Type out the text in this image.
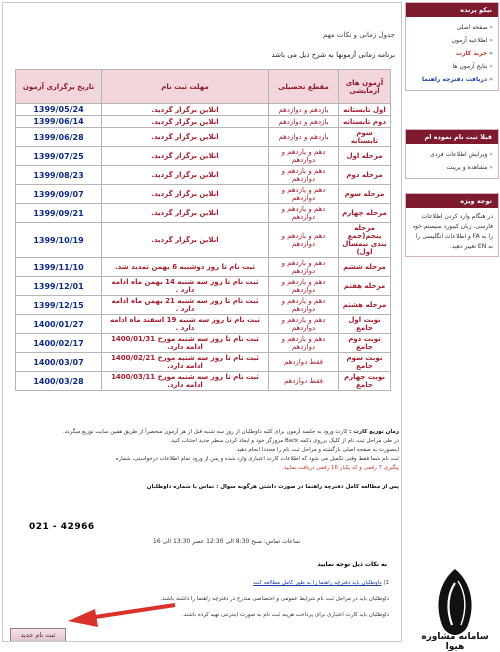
جدول زمانی و نکات مهم
برنامه زمانی آزمونها به شرح ذیل می باشد
آزمون های آزمایشی	مقطع تحصیلی	مهلت ثبت نام	تاریخ برگزاری آزمون
اول تابستانه	یازدهم و دوازدهم	انلاین برگزار گردید.	1399/05/24
دوم تابستانه	یازدهم و دوازدهم	انلاین برگزار گردید.	1399/06/14
سوم تابستانه	یازدهم و دوازدهم	انلاین برگزار گردید.	1399/06/28
مرحله اول	دهم و یازدهم و دوازدهم	انلاین برگزار گردید.	1399/07/25
مرحله دوم	دهم و یازدهم و دوازدهم	انلاین برگزار گردید.	1399/08/23
مرحله سوم	دهم و یازدهم و دوازدهم	انلاین برگزار گردید.	1399/09/07
مرحله چهارم	دهم و یازدهم و دوازدهم	انلاین برگزار گردید.	1399/09/21
مرحله پنجم(جمع بندی نیمسال اول)	دهم و یازدهم و دوازدهم	انلاین برگزار گردید.	1399/10/19
مرحله ششم	دهم و یازدهم و دوازدهم	ثبت نام تا روز دوشنبه 6 بهمن تمدید شد.	1399/11/10
مرحله هفتم	دهم و یازدهم و دوازدهم	ثبت نام تا روز سه شنبه 14 بهمن ماه ادامه دارد .	1399/12/01
مرحله هشتم	دهم و یازدهم و دوازدهم	ثبت نام تا روز سه شنبه 21 بهمن ماه ادامه دارد .	1399/12/15
نوبت اول جامع	دهم و یازدهم و دوازدهم	ثبت نام تا روز سه شنبه 19 اسفند ماه ادامه دارد .	1400/01/27
نوبت دوم جامع	دهم و یازدهم و دوازدهم	ثبت نام تا روز سه شنبه مورخ 1400/01/31 ادامه دارد.	1400/02/17
نوبت سوم جامع	فقط دوازدهم	ثبت نام تا روز سه شنبه مورخ 1400/02/21 ادامه دارد.	1400/03/07
نوبت چهارم جامع	فقط دوازدهم	ثبت نام تا روز سه شنبه مورخ 1400/03/11 ادامه دارد.	1400/03/28
زمان توزیع کارت : کارت ورود به جلسه آزمون برای کلیه داوطلبان از روز سه شنبه قبل از هر آزمون منحصراً از طریق همین سایت توزیع میگردد.
در طی مراحل ثبت نام از کلیک برروی دکمه Back مرورگر خود و ایجاد کردن سطر جدید اجتناب کنید.
اینصورت به صفحه اصلی بازگشته و مراحل ثبت نام را مجددا انجام دهید.
ثبت نام شما فقط وقتی تکمیل می شود که اطلاعات کارت اعتباری وارد شده و پس از ورود تمام اطلاعات درخواستی، شماره
پیگیری 7 رقمی و کد یکبار 16 رقمی دریافت نمایید.
پس از مطالعه کامل دفترچه راهنما در صورت داشتن هرگونه سوال : تماس با شماره داوطلبان
021 - 42966
ساعات تماس: صبح 8:30 الی 12:30 عصر 13:30 الی 16
به نکات ذیل توجه نمایید
1) داوطلبان باید دفترچه راهنما را به طور کامل مطالعه کنند
داوطلبان باید در مراحل ثبت نام شرایط عمومی و اختصاصی مندرج در دفترچه راهنما را داشته باشند.
داوطلبان باید کارت اعتباری برای پرداخت هزینه ثبت نام به صورت اینترنتی تهیه کرده باشند.
ثبت نام جدید
نیکو پرنده
« صفحه اصلی
« اطلاعیه آزمون
« خرید کارت
« نتایج آزمون ها
« دریافت دفترچه راهنما
قبلا ثبت نام نموده ام
« ویرایش اطلاعات فردی
« مشاهده و پرینت
توجه ویژه
در هنگام وارد کردن اطلاعات فارسی، زبان کیبورد سیستم خود را به FA و اطلاعات انگلیسی را به EN تغییر دهید.
سامانه مشاوره هیوا
